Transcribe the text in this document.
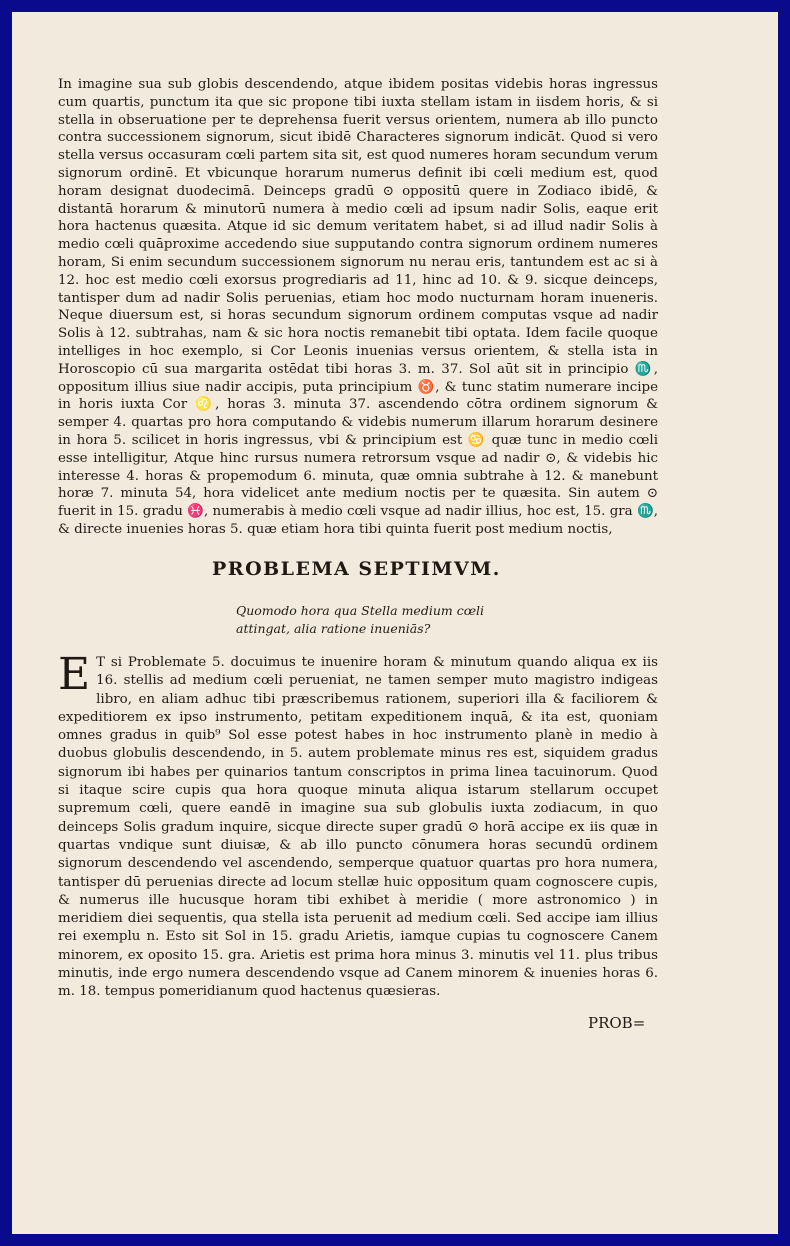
In imagine sua sub globis descendendo, atque ibidem positas videbis horas ingressus cum quartis, punctum ita que sic propone tibi iuxta stellam istam in iisdem horis, & si stella in obseruatione per te deprehensa fuerit versus orientem, numera ab illo puncto contra successionem signorum, sicut ibidē Characteres signorum indicāt. Quod si vero stella versus occasuram cœli partem sita sit, est quod numeres horam secundum verum signorum ordinē. Et vbicunque horarum numerus definit ibi cœli medium est, quod horam designat duodecimā. Deinceps gradū ⊙ oppositū quere in Zodiaco ibidē, & distantā horarum & minutorū numera à medio cœli ad ipsum nadir Solis, eaque erit hora hactenus quæsita. Atque id sic demum veritatem habet, si ad illud nadir Solis à medio cœli quāproxime accedendo siue supputando contra signorum ordinem numeres horam, Si enim secundum successionem signorum nu nerau eris, tantundem est ac si à 12. hoc est medio cœli exorsus progrediaris ad 11, hinc ad 10. & 9. sicque deinceps, tantisper dum ad nadir Solis peruenias, etiam hoc modo nucturnam horam inueneris. Neque diuersum est, si horas secundum signorum ordinem computas vsque ad nadir Solis à 12. subtrahas, nam & sic hora noctis remanebit tibi optata. Idem facile quoque intelliges in hoc exemplo, si Cor Leonis inuenias versus orientem, & stella ista in Horoscopio cū sua margarita ostēdat tibi horas 3. m. 37. Sol aūt sit in principio ♏, oppositum illius siue nadir accipis, puta principium ♉, & tunc statim numerare incipe in horis iuxta Cor ♌, horas 3. minuta 37. ascendendo cōtra ordinem signorum & semper 4. quartas pro hora computando & videbis numerum illarum horarum desinere in hora 5. scilicet in horis ingressus, vbi & principium est ♋ quæ tunc in medio cœli esse intelligitur, Atque hinc rursus numera retrorsum vsque ad nadir ⊙, & videbis hic interesse 4. horas & propemodum 6. minuta, quæ omnia subtrahe à 12. & manebunt horæ 7. minuta 54, hora videlicet ante medium noctis per te quæsita. Sin autem ⊙ fuerit in 15. gradu ♓, numerabis à medio cœli vsque ad nadir illius, hoc est, 15. gra ♏, & directe inuenies horas 5. quæ etiam hora tibi quinta fuerit post medium noctis,

PROBLEMA SEPTIMVM.
Quomodo hora qua Stella medium cœli attingat, alia ratione inueniās?

E T si Problemate 5. docuimus te inuenire horam & minutum quando aliqua ex iis 16. stellis ad medium cœli perueniat, ne tamen semper muto magistro indigeas libro, en aliam adhuc tibi præscribemus rationem, superiori illa & faciliorem & expeditiorem ex ipso instrumento, petitam expeditionem inquā, & ita est, quoniam omnes gradus in quib⁹ Sol esse potest habes in hoc instrumento planè in medio à duobus globulis descendendo, in 5. autem problemate minus res est, siquidem gradus signorum ibi habes per quinarios tantum conscriptos in prima linea tacuinorum. Quod si itaque scire cupis qua hora quoque minuta aliqua istarum stellarum occupet supremum cœli, quere eandē in imagine sua sub globulis iuxta zodiacum, in quo deinceps Solis gradum inquire, sicque directe super gradū ⊙ horā accipe ex iis quæ in quartas vndique sunt diuisæ, & ab illo puncto cōnumera horas secundū ordinem signorum descendendo vel ascendendo, semperque quatuor quartas pro hora numera, tantisper dū peruenias directe ad locum stellæ huic oppositum quam cognoscere cupis, & numerus ille hucusque horam tibi exhibet à meridie ( more astronomico ) in meridiem diei sequentis, qua stella ista peruenit ad medium cœli. Sed accipe iam illius rei exemplu n. Esto sit Sol in 15. gradu Arietis, iamque cupias tu cognoscere Canem minorem, ex oposito 15. gra. Arietis est prima hora minus 3. minutis vel 11. plus tribus minutis, inde ergo numera descendendo vsque ad Canem minorem & inuenies horas 6. m. 18. tempus pomeridianum quod hactenus quæsieras.

PROB=
